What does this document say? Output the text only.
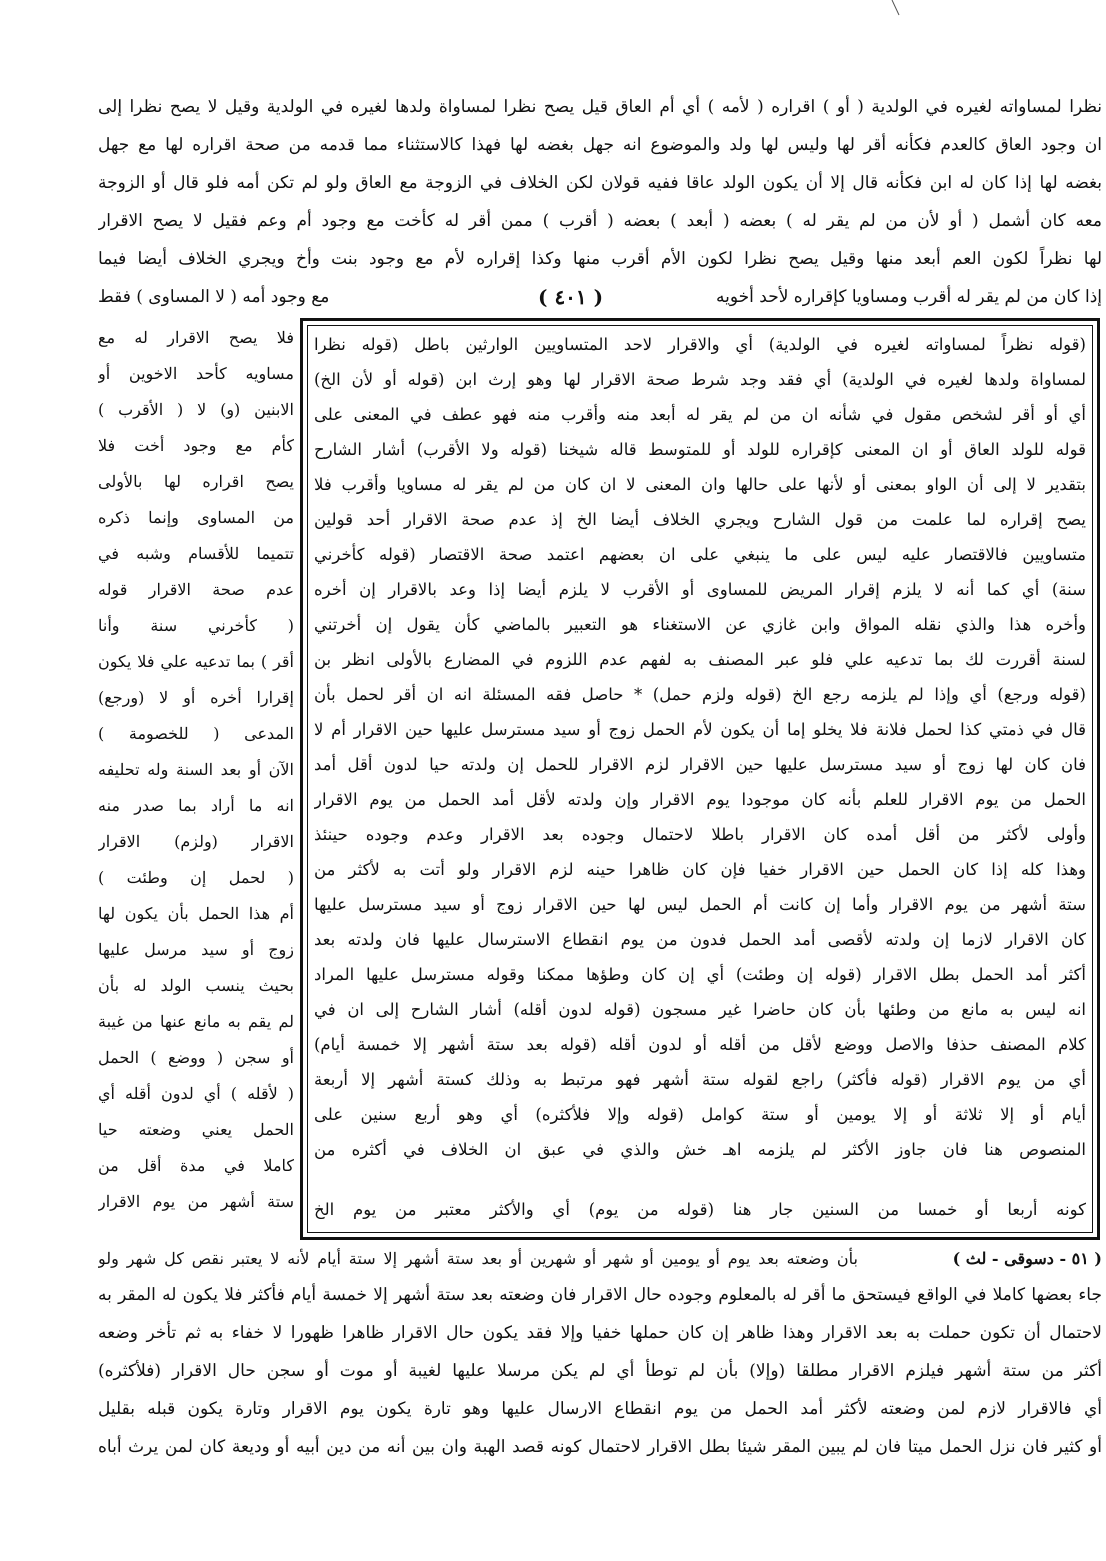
نظرا لمساواته لغيره في الولدية ( أو ) اقراره ( لأمه ) أي أم العاق قيل يصح نظرا لمساواة ولدها لغيره في الولدية وقيل لا يصح نظرا إلى
ان وجود العاق كالعدم فكأنه أقر لها وليس لها ولد والموضوع انه جهل بغضه لها فهذا كالاستثناء مما قدمه من صحة اقراره لها مع جهل
بغضه لها إذا كان له ابن فكأنه قال إلا أن يكون الولد عاقا ففيه قولان لكن الخلاف في الزوجة مع العاق ولو لم تكن أمه فلو قال أو الزوجة
معه كان أشمل ( أو لأن من لم يقر له ) بعضه ( أبعد ) بعضه ( أقرب ) ممن أقر له كأخت مع وجود أم وعم فقيل لا يصح الاقرار
لها نظراً لكون العم أبعد منها وقيل يصح نظرا لكون الأم أقرب منها وكذا إقراره لأم مع وجود بنت وأخ ويجري الخلاف أيضا فيما
إذا كان من لم يقر له أقرب ومساويا كإقراره لأحد أخويه
( ٤٠١ )
مع وجود أمه ( لا المساوى ) فقط
(قوله نظراً لمساواته لغيره في الولدية) أي والاقرار لاحد المتساويين الوارثين باطل (قوله نظرا
لمساواة ولدها لغيره في الولدية) أي فقد وجد شرط صحة الاقرار لها وهو إرث ابن (قوله أو لأن الخ)
أي أو أقر لشخص مقول في شأنه ان من لم يقر له أبعد منه وأقرب منه فهو عطف في المعنى على
قوله للولد العاق أو ان المعنى كإقراره للولد أو للمتوسط قاله شيخنا (قوله ولا الأقرب) أشار الشارح
بتقدير لا إلى أن الواو بمعنى أو لأنها على حالها وان المعنى لا ان كان من لم يقر له مساويا وأقرب فلا
يصح إقراره لما علمت من قول الشارح ويجري الخلاف أيضا الخ إذ عدم صحة الاقرار أحد قولين
متساويين فالاقتصار عليه ليس على ما ينبغي على ان بعضهم اعتمد صحة الاقتصار (قوله كأخرني
سنة) أي كما أنه لا يلزم إقرار المريض للمساوى أو الأقرب لا يلزم أيضا إذا وعد بالاقرار إن أخره
وأخره هذا والذي نقله المواق وابن غازي عن الاستغناء هو التعبير بالماضي كأن يقول إن أخرتني
لسنة أقررت لك بما تدعيه علي فلو عبر المصنف به لفهم عدم اللزوم في المضارع بالأولى انظر بن
(قوله ورجع) أي وإذا لم يلزمه رجع الخ (قوله ولزم حمل) * حاصل فقه المسئلة انه ان أقر لحمل بأن
قال في ذمتي كذا لحمل فلانة فلا يخلو إما أن يكون لأم الحمل زوج أو سيد مسترسل عليها حين الاقرار أم لا
فان كان لها زوج أو سيد مسترسل عليها حين الاقرار لزم الاقرار للحمل إن ولدته حيا لدون أقل أمد
الحمل من يوم الاقرار للعلم بأنه كان موجودا يوم الاقرار وإن ولدته لأقل أمد الحمل من يوم الاقرار
وأولى لأكثر من أقل أمده كان الاقرار باطلا لاحتمال وجوده بعد الاقرار وعدم وجوده حينئذ
وهذا كله إذا كان الحمل حين الاقرار خفيا فإن كان ظاهرا حينه لزم الاقرار ولو أتت به لأكثر من
ستة أشهر من يوم الاقرار وأما إن كانت أم الحمل ليس لها حين الاقرار زوج أو سيد مسترسل عليها
كان الاقرار لازما إن ولدته لأقصى أمد الحمل فدون من يوم انقطاع الاسترسال عليها فان ولدته بعد
أكثر أمد الحمل بطل الاقرار (قوله إن وطئت) أي إن كان وطؤها ممكنا وقوله مسترسل عليها المراد
انه ليس به مانع من وطئها بأن كان حاضرا غير مسجون (قوله لدون أقله) أشار الشارح إلى ان في
كلام المصنف حذفا والاصل ووضع لأقل من أقله أو لدون أقله (قوله بعد ستة أشهر إلا خمسة أيام)
أي من يوم الاقرار (قوله فأكثر) راجع لقوله ستة أشهر فهو مرتبط به وذلك كستة أشهر إلا أربعة
أيام أو إلا ثلاثة أو إلا يومين أو ستة كوامل (قوله وإلا فلأكثره) أي وهو أربع سنين على
المنصوص هنا فان جاوز الأكثر لم يلزمه اهـ خش والذي في عبق ان الخلاف في أكثره من
كونه أربعا أو خمسا من السنين جار هنا (قوله من يوم) أي والأكثر معتبر من يوم الخ
فلا يصح الاقرار له مع
مساويه كأحد الاخوين أو
الابنين (و) لا ( الأقرب )
كأم مع وجود أخت فلا
يصح اقراره لها بالأولى
من المساوى وإنما ذكره
تتميما للأقسام وشبه في
عدم صحة الاقرار قوله
( كأخرني سنة وأنا
أقر ) بما تدعيه علي فلا يكون
إقرارا أخره أو لا (ورجع)
المدعى ( للخصومة )
الآن أو بعد السنة وله تحليفه
انه ما أراد بما صدر منه
الاقرار (ولزم) الاقرار
( لحمل إن وطئت )
أم هذا الحمل بأن يكون لها
زوج أو سيد مرسل عليها
بحيث ينسب الولد له بأن
لم يقم به مانع عنها من غيبة
أو سجن ( ووضع ) الحمل
( لأقله ) أي لدون أقله أي
الحمل يعني وضعته حيا
كاملا في مدة أقل من
ستة أشهر من يوم الاقرار
( ٥١ - دسوقى - لث )
بأن وضعته بعد يوم أو يومين أو شهر أو شهرين أو بعد ستة أشهر إلا ستة أيام لأنه لا يعتبر نقص كل شهر ولو
جاء بعضها كاملا في الواقع فيستحق ما أقر له بالمعلوم وجوده حال الاقرار فان وضعته بعد ستة أشهر إلا خمسة أيام فأكثر فلا يكون له المقر به
لاحتمال أن تكون حملت به بعد الاقرار وهذا ظاهر إن كان حملها خفيا وإلا فقد يكون حال الاقرار ظاهرا ظهورا لا خفاء به ثم تأخر وضعه
أكثر من ستة أشهر فيلزم الاقرار مطلقا (وإلا) بأن لم توطأ أي لم يكن مرسلا عليها لغيبة أو موت أو سجن حال الاقرار (فلأكثره)
أي فالاقرار لازم لمن وضعته لأكثر أمد الحمل من يوم انقطاع الارسال عليها وهو تارة يكون يوم الاقرار وتارة يكون قبله بقليل
أو كثير فان نزل الحمل ميتا فان لم يبين المقر شيئا بطل الاقرار لاحتمال كونه قصد الهبة وان بين أنه من دين أبيه أو وديعة كان لمن يرث أباه
